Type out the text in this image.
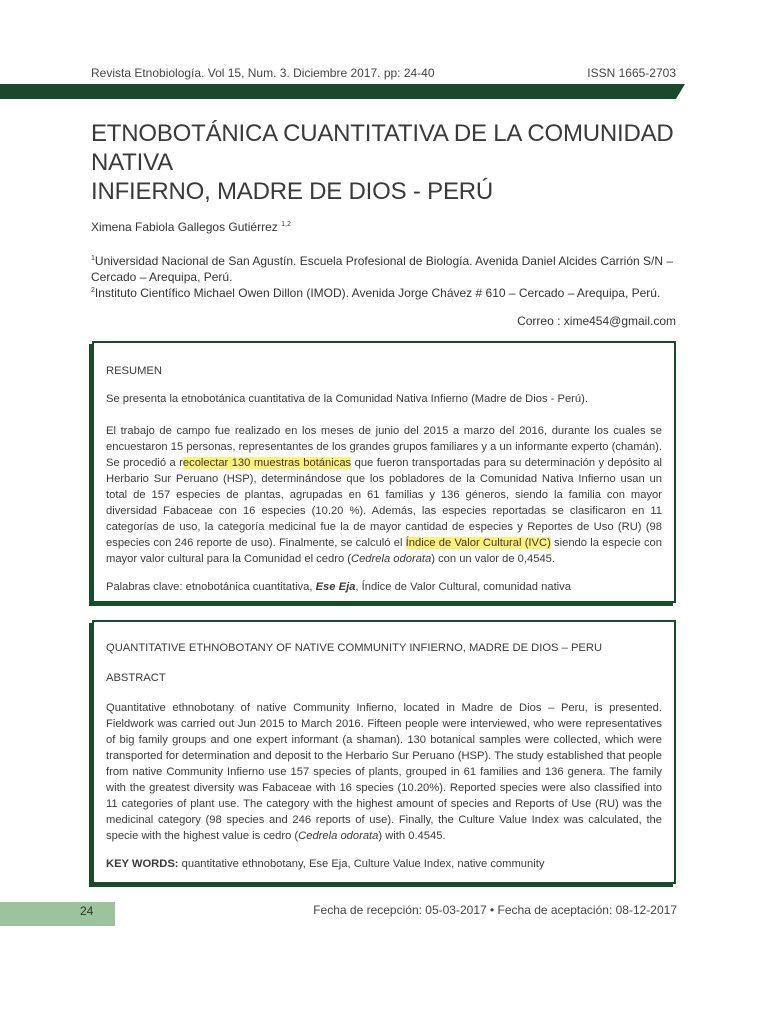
Revista Etnobiología. Vol 15, Num. 3. Diciembre 2017. pp: 24-40	ISSN 1665-2703
ETNOBOTÁNICA CUANTITATIVA DE LA COMUNIDAD NATIVA
INFIERNO, MADRE DE DIOS - PERÚ
Ximena Fabiola Gallegos Gutiérrez $^{1,2}$
$^1$Universidad Nacional de San Agustín. Escuela Profesional de Biología. Avenida Daniel Alcides Carrión S/N – Cercado – Arequipa, Perú.
$^2$Instituto Científico Michael Owen Dillon (IMOD). Avenida Jorge Chávez # 610 – Cercado – Arequipa, Perú.
Correo : xime454@gmail.com

RESUMEN

Se presenta la etnobotánica cuantitativa de la Comunidad Nativa Infierno (Madre de Dios - Perú).

El trabajo de campo fue realizado en los meses de junio del 2015 a marzo del 2016, durante los cuales se encuestaron 15 personas, representantes de los grandes grupos familiares y a un informante experto (chamán). Se procedió a recolectar 130 muestras botánicas que fueron transportadas para su determinación y depósito al Herbario Sur Peruano (HSP), determinándose que los pobladores de la Comunidad Nativa Infierno usan un total de 157 especies de plantas, agrupadas en 61 familias y 136 géneros, siendo la familia con mayor diversidad Fabaceae con 16 especies (10.20 %). Además, las especies reportadas se clasificaron en 11 categorías de uso, la categoría medicinal fue la de mayor cantidad de especies y Reportes de Uso (RU) (98 especies con 246 reporte de uso). Finalmente, se calculó el Índice de Valor Cultural (IVC) siendo la especie con mayor valor cultural para la Comunidad el cedro (Cedrela odorata) con un valor de 0,4545.

Palabras clave: etnobotánica cuantitativa, Ese Eja, Índice de Valor Cultural, comunidad nativa

QUANTITATIVE ETHNOBOTANY OF NATIVE COMMUNITY INFIERNO, MADRE DE DIOS – PERU

ABSTRACT

Quantitative ethnobotany of native Community Infierno, located in Madre de Dios – Peru, is presented. Fieldwork was carried out Jun 2015 to March 2016. Fifteen people were interviewed, who were representatives of big family groups and one expert informant (a shaman). 130 botanical samples were collected, which were transported for determination and deposit to the Herbario Sur Peruano (HSP). The study established that people from native Community Infierno use 157 species of plants, grouped in 61 families and 136 genera. The family with the greatest diversity was Fabaceae with 16 species (10.20%). Reported species were also classified into 11 categories of plant use. The category with the highest amount of species and Reports of Use (RU) was the medicinal category (98 species and 246 reports of use). Finally, the Culture Value Index was calculated, the specie with the highest value is cedro (Cedrela odorata) with 0.4545.

KEY WORDS: quantitative ethnobotany, Ese Eja, Culture Value Index, native community

24	Fecha de recepción: 05-03-2017 • Fecha de aceptación: 08-12-2017
